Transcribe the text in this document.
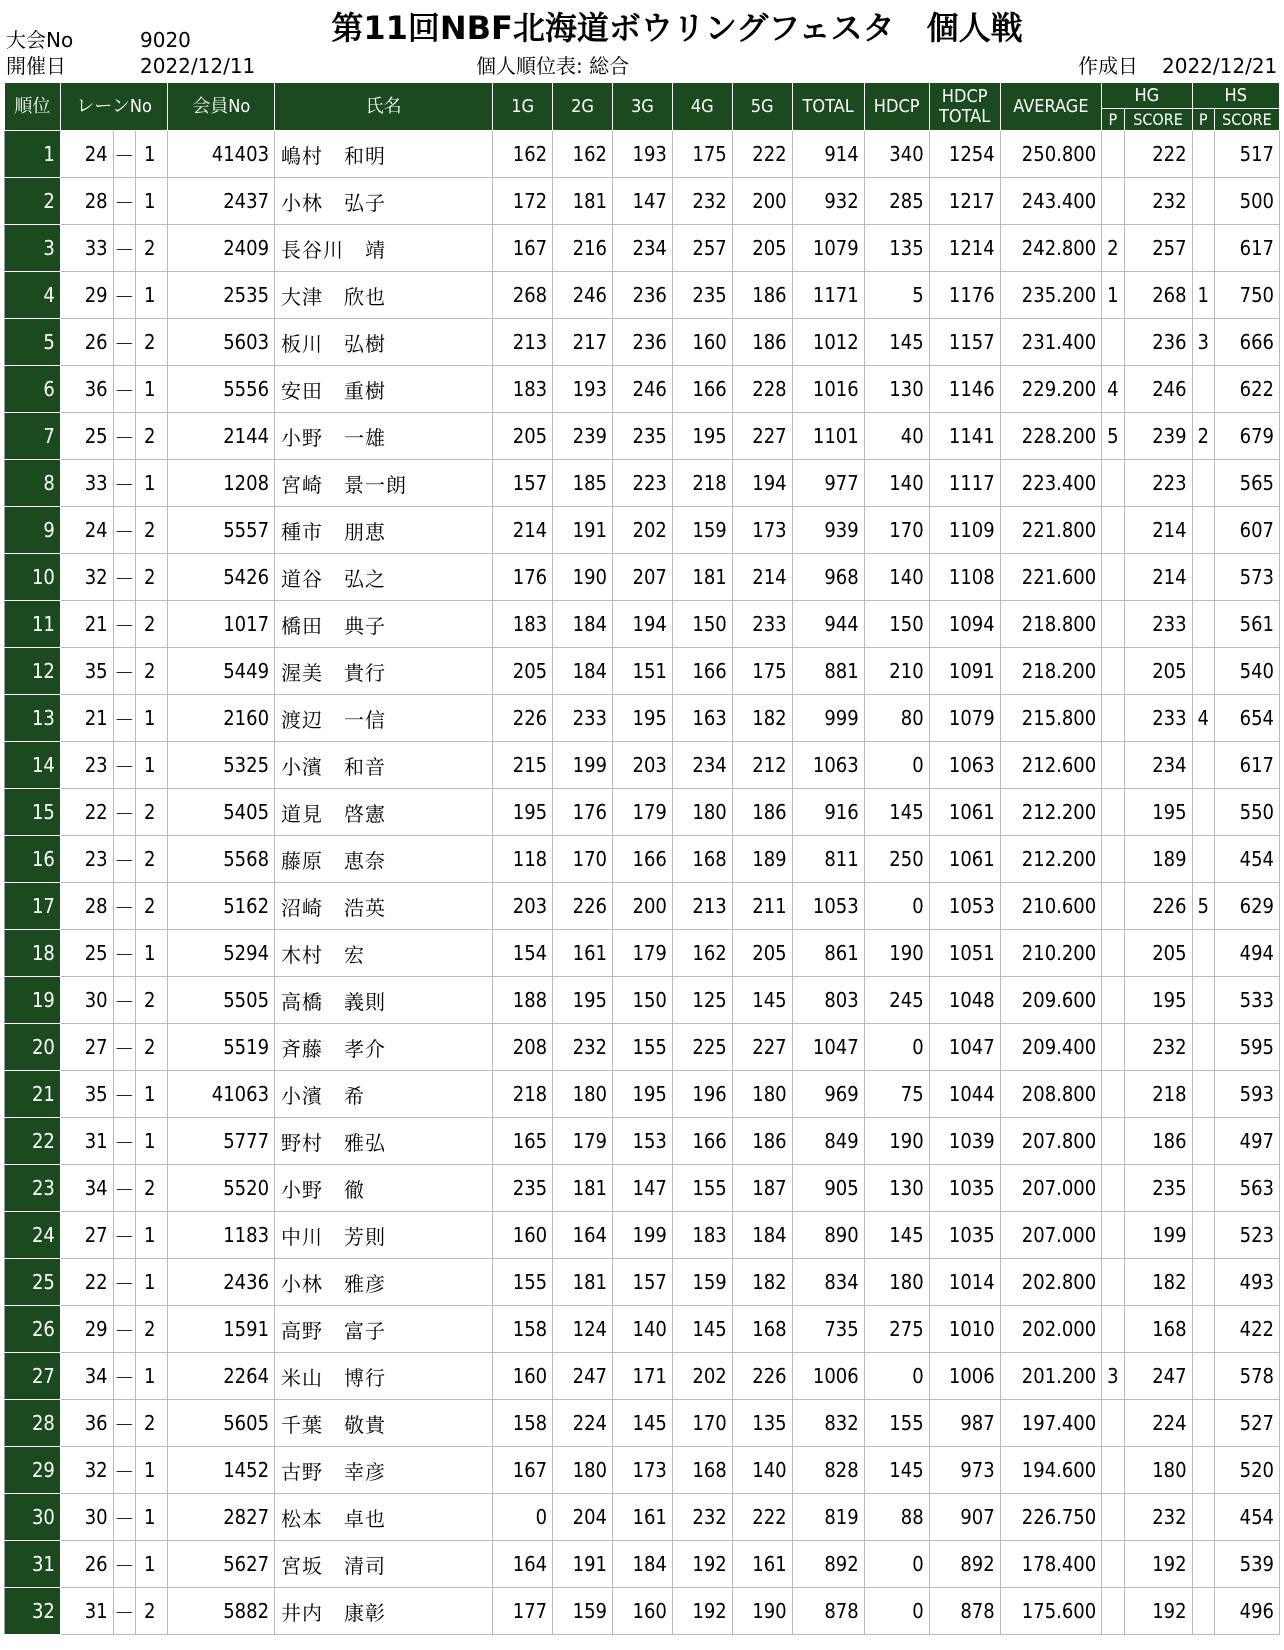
大会No	9020
開催日	2022/12/11
第11回NBF北海道ボウリングフェスタ　個人戦
個人順位表: 総合	作成日 2022/12/21
順位	レーンNo			会員No	氏名	1G	2G	3G	4G	5G	TOTAL	HDCP	HDCP
TOTAL	AVERAGE	HG		HS	
															P	SCORE	P	SCORE
1	24	－	1	41403	嶋村　和明	162	162	193	175	222	914	340	1254	250.800		222		517
2	28	－	1	2437	小林　弘子	172	181	147	232	200	932	285	1217	243.400		232		500
3	33	－	2	2409	長谷川　靖	167	216	234	257	205	1079	135	1214	242.800	2	257		617
4	29	－	1	2535	大津　欣也	268	246	236	235	186	1171	5	1176	235.200	1	268	1	750
5	26	－	2	5603	板川　弘樹	213	217	236	160	186	1012	145	1157	231.400		236	3	666
6	36	－	1	5556	安田　重樹	183	193	246	166	228	1016	130	1146	229.200	4	246		622
7	25	－	2	2144	小野　一雄	205	239	235	195	227	1101	40	1141	228.200	5	239	2	679
8	33	－	1	1208	宮崎　景一朗	157	185	223	218	194	977	140	1117	223.400		223		565
9	24	－	2	5557	種市　朋恵	214	191	202	159	173	939	170	1109	221.800		214		607
10	32	－	2	5426	道谷　弘之	176	190	207	181	214	968	140	1108	221.600		214		573
11	21	－	2	1017	橋田　典子	183	184	194	150	233	944	150	1094	218.800		233		561
12	35	－	2	5449	渥美　貴行	205	184	151	166	175	881	210	1091	218.200		205		540
13	21	－	1	2160	渡辺　一信	226	233	195	163	182	999	80	1079	215.800		233	4	654
14	23	－	1	5325	小濱　和音	215	199	203	234	212	1063	0	1063	212.600		234		617
15	22	－	2	5405	道見　啓憲	195	176	179	180	186	916	145	1061	212.200		195		550
16	23	－	2	5568	藤原　恵奈	118	170	166	168	189	811	250	1061	212.200		189		454
17	28	－	2	5162	沼崎　浩英	203	226	200	213	211	1053	0	1053	210.600		226	5	629
18	25	－	1	5294	木村　宏	154	161	179	162	205	861	190	1051	210.200		205		494
19	30	－	2	5505	高橋　義則	188	195	150	125	145	803	245	1048	209.600		195		533
20	27	－	2	5519	斉藤　孝介	208	232	155	225	227	1047	0	1047	209.400		232		595
21	35	－	1	41063	小濱　希	218	180	195	196	180	969	75	1044	208.800		218		593
22	31	－	1	5777	野村　雅弘	165	179	153	166	186	849	190	1039	207.800		186		497
23	34	－	2	5520	小野　徹	235	181	147	155	187	905	130	1035	207.000		235		563
24	27	－	1	1183	中川　芳則	160	164	199	183	184	890	145	1035	207.000		199		523
25	22	－	1	2436	小林　雅彦	155	181	157	159	182	834	180	1014	202.800		182		493
26	29	－	2	1591	高野　富子	158	124	140	145	168	735	275	1010	202.000		168		422
27	34	－	1	2264	米山　博行	160	247	171	202	226	1006	0	1006	201.200	3	247		578
28	36	－	2	5605	千葉　敬貴	158	224	145	170	135	832	155	987	197.400		224		527
29	32	－	1	1452	古野　幸彦	167	180	173	168	140	828	145	973	194.600		180		520
30	30	－	1	2827	松本　卓也	0	204	161	232	222	819	88	907	226.750		232		454
31	26	－	1	5627	宮坂　清司	164	191	184	192	161	892	0	892	178.400		192		539
32	31	－	2	5882	井内　康彰	177	159	160	192	190	878	0	878	175.600		192		496
